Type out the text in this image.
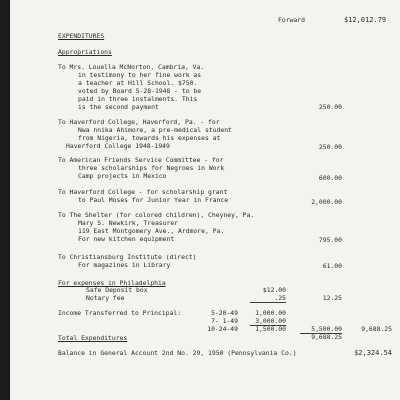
Forward	$12,012.79
EXPENDITURES
Appropriations
To Mrs. Louella McNorton, Cambria, Va.
in testimony to her fine work as
a teacher at Hill School. $750.
voted by Board 5-28-1948 - to be
paid in three instalments. This
is the second payment	250.00
To Haverford College, Haverford, Pa. - for
Nwa nnika Ahimore, a pre-medical student
from Nigeria, towards his expenses at
Haverford College 1948-1949	250.00
To American Friends Service Committee - for
three scholarships for Negroes in Work
Camp projects in Mexico	600.00
To Haverford College - for scholarship grant
to Paul Moses for Junior Year in France	2,000.00
To The Shelter (for colored children), Cheyney, Pa.
Mary S. Newkirk, Treasurer
119 East Montgomery Ave., Ardmore, Pa.
For new kitchen equipment	795.00
To Christiansburg Institute (direct)
For magazines in Library	61.00
For expenses in Philadelphia
Safe Deposit box	$12.00
Notary fee	.25	12.25
Income Transferred to Principal:	5-20-49	1,000.00
7- 1-49	3,000.00
10-24-49	1,500.00	5,500.00	9,688.25
Total Expenditures	9,688.25
Balance in General Account 2nd No. 29, 1950 (Pennsylvania Co.)	$2,324.54
